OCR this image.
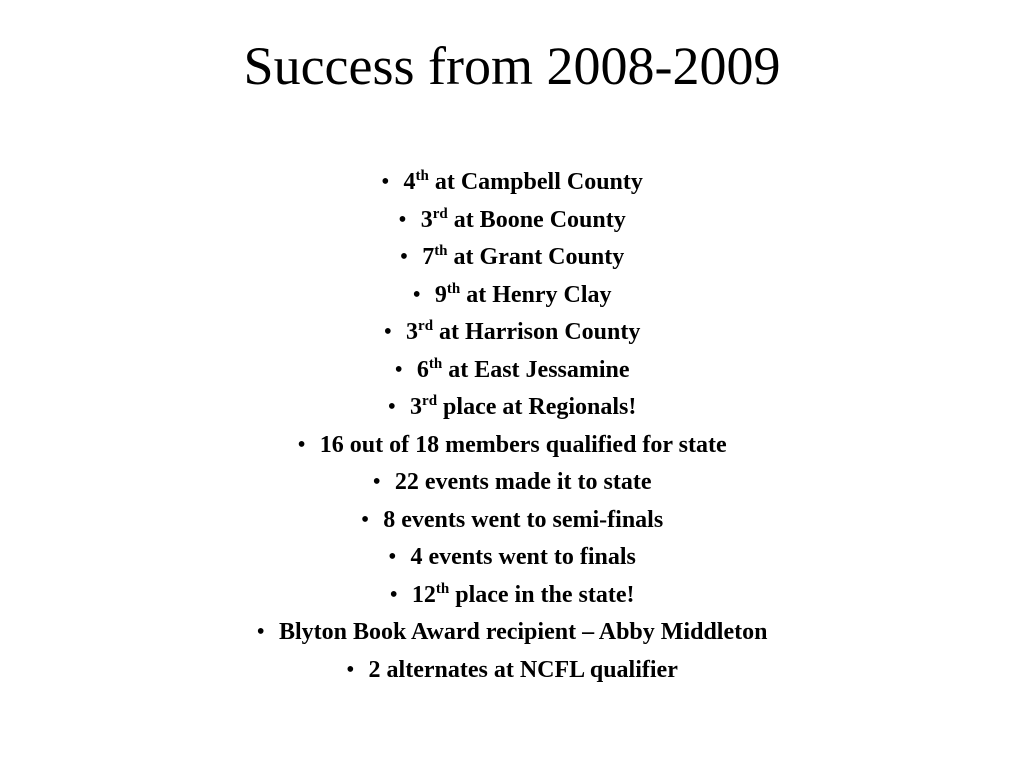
Success from 2008-2009
• 4th at Campbell County
• 3rd at Boone County
• 7th at Grant County
• 9th at Henry Clay
• 3rd at Harrison County
• 6th at East Jessamine
• 3rd place at Regionals!
• 16 out of 18 members qualified for state
• 22 events made it to state
• 8 events went to semi-finals
• 4 events went to finals
• 12th place in the state!
• Blyton Book Award recipient – Abby Middleton
• 2 alternates at NCFL qualifier
